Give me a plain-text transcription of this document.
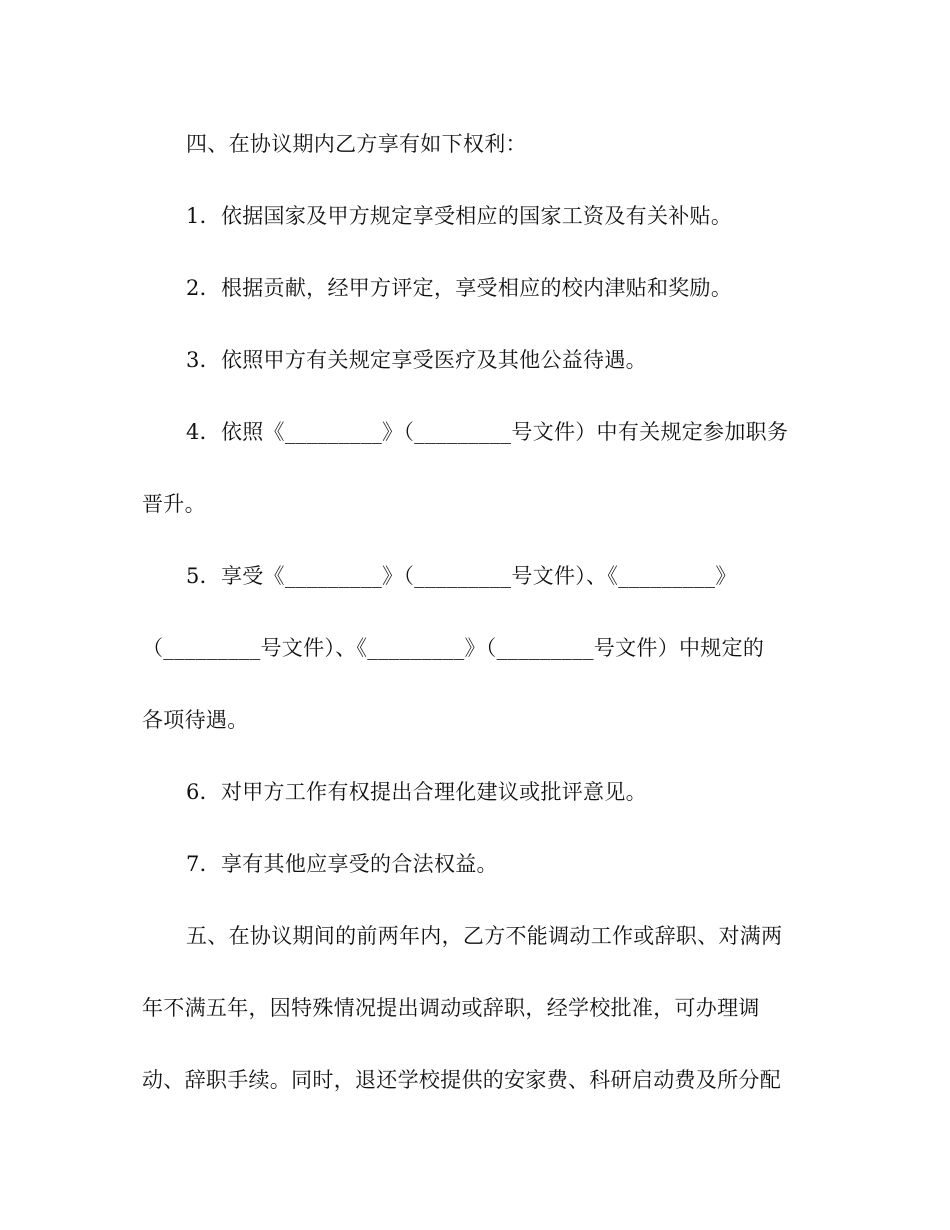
四、在协议期内乙方享有如下权利：
1．依据国家及甲方规定享受相应的国家工资及有关补贴。
2．根据贡献，经甲方评定，享受相应的校内津贴和奖励。
3．依照甲方有关规定享受医疗及其他公益待遇。
4．依照《_________》（_________号文件）中有关规定参加职务
晋升。
5．享受《_________》（_________号文件）、《_________》
（_________号文件）、《_________》（_________号文件）中规定的
各项待遇。
6．对甲方工作有权提出合理化建议或批评意见。
7．享有其他应享受的合法权益。
五、在协议期间的前两年内，乙方不能调动工作或辞职、对满两
年不满五年，因特殊情况提出调动或辞职，经学校批准，可办理调
动、辞职手续。同时，退还学校提供的安家费、科研启动费及所分配
